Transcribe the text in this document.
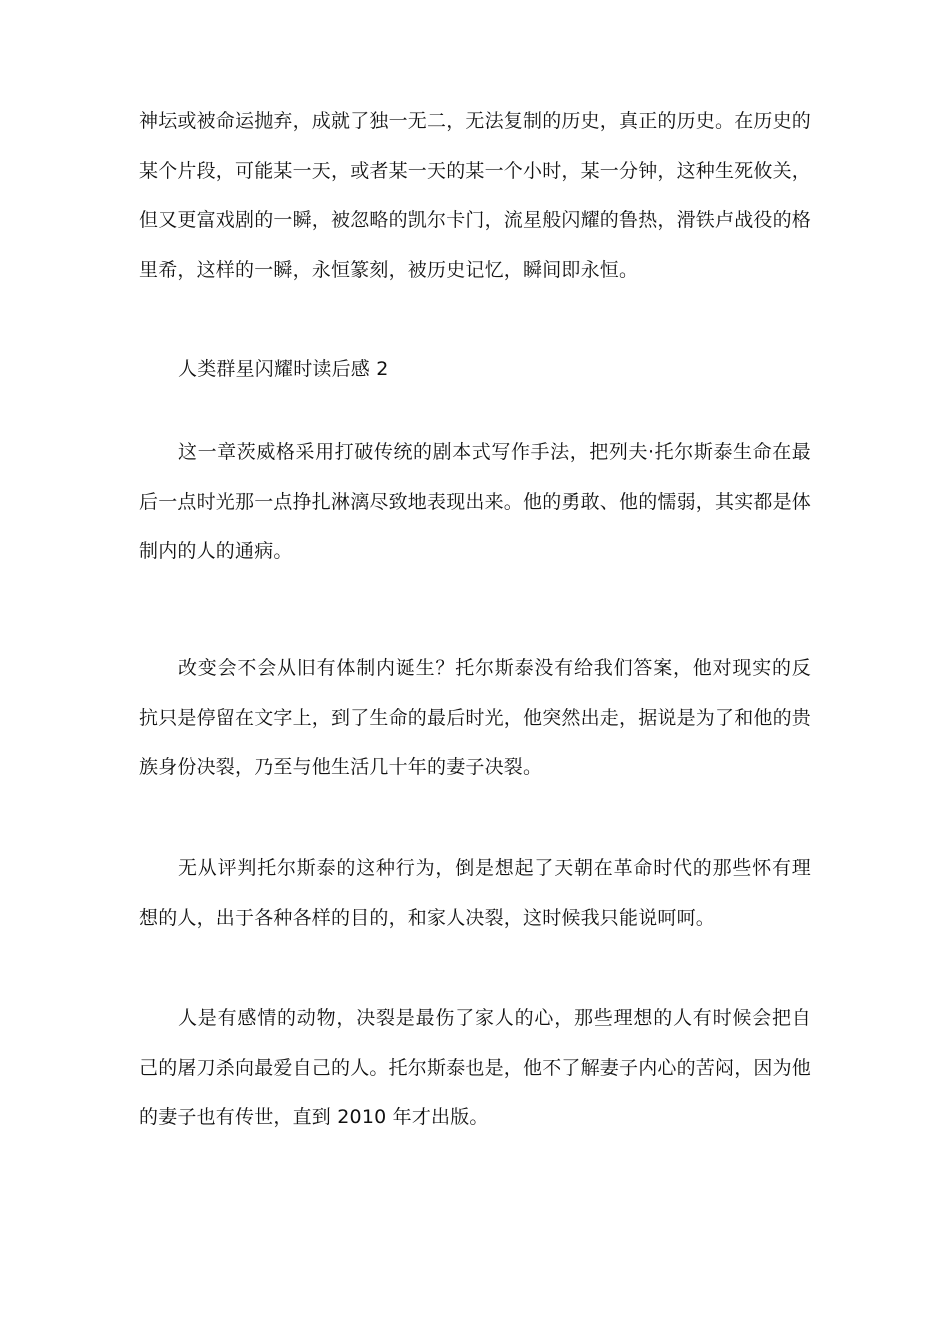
神坛或被命运抛弃，成就了独一无二，无法复制的历史，真正的历史。在历史的某个片段，可能某一天，或者某一天的某一个小时，某一分钟，这种生死攸关，但又更富戏剧的一瞬，被忽略的凯尔卡门，流星般闪耀的鲁热，滑铁卢战役的格里希，这样的一瞬，永恒篆刻，被历史记忆，瞬间即永恒。

人类群星闪耀时读后感 2

这一章茨威格采用打破传统的剧本式写作手法，把列夫·托尔斯泰生命在最后一点时光那一点挣扎淋漓尽致地表现出来。他的勇敢、他的懦弱，其实都是体制内的人的通病。

改变会不会从旧有体制内诞生？托尔斯泰没有给我们答案，他对现实的反抗只是停留在文字上，到了生命的最后时光，他突然出走，据说是为了和他的贵族身份决裂，乃至与他生活几十年的妻子决裂。

无从评判托尔斯泰的这种行为，倒是想起了天朝在革命时代的那些怀有理想的人，出于各种各样的目的，和家人决裂，这时候我只能说呵呵。

人是有感情的动物，决裂是最伤了家人的心，那些理想的人有时候会把自己的屠刀杀向最爱自己的人。托尔斯泰也是，他不了解妻子内心的苦闷，因为他的妻子也有传世，直到 2010 年才出版。
